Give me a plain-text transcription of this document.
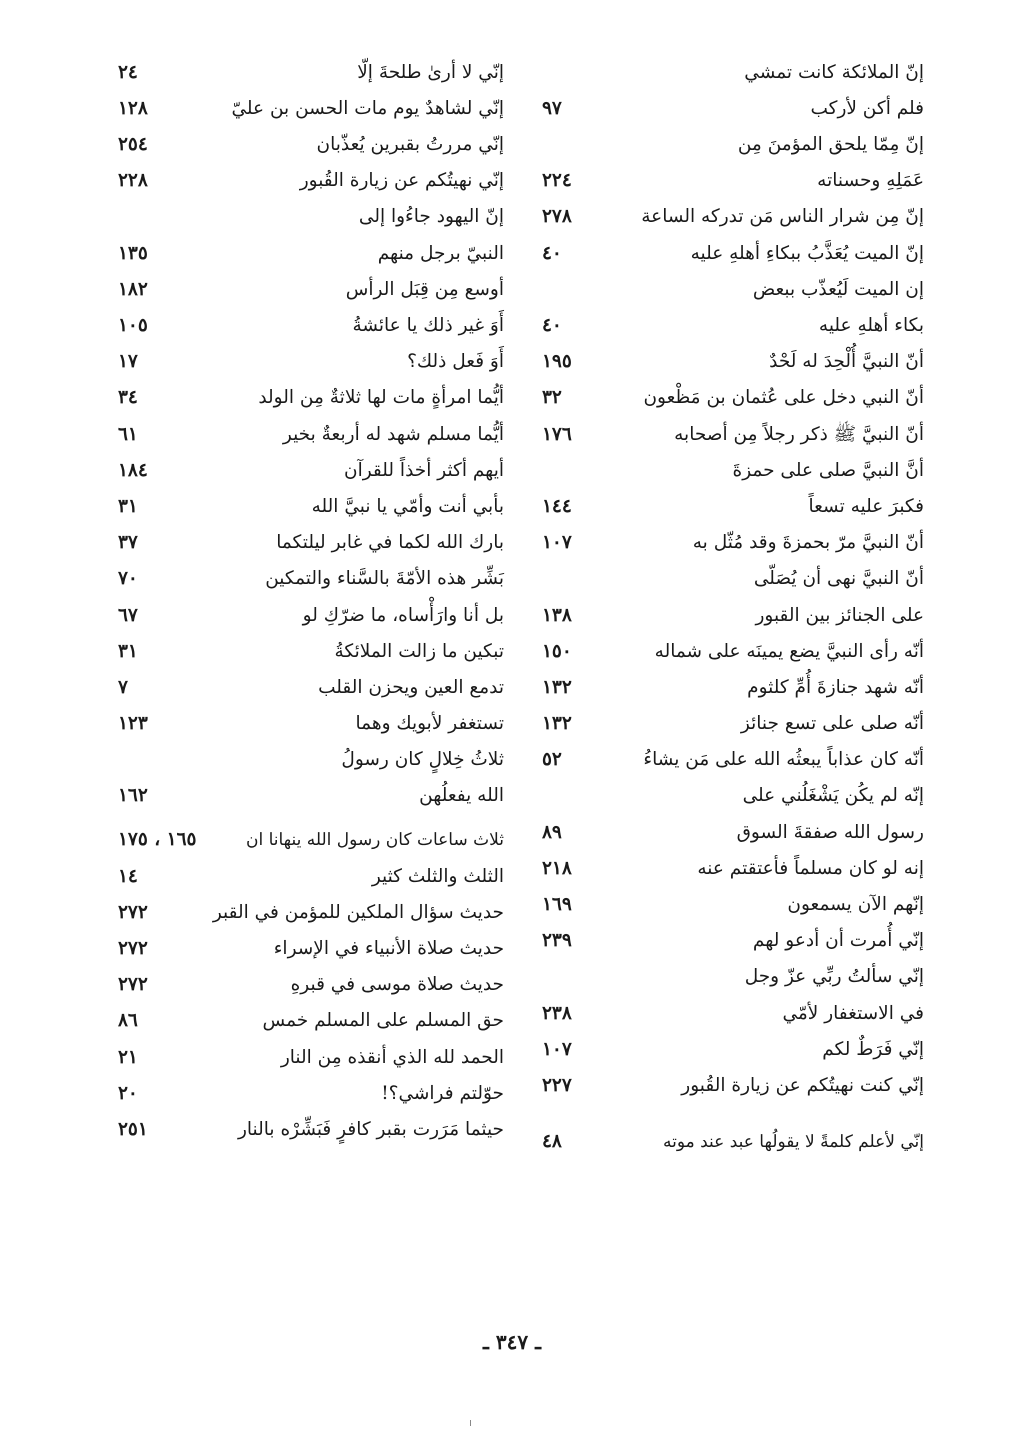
إنّ الملائكة كانت تمشي
فلم أكن لأركب
٩٧
إنّ مِمّا يلحق المؤمنَ مِن
عَمَلِهِ وحسناته
٢٢٤
إنّ مِن شرار الناس مَن تدركه الساعة
٢٧٨
إنّ الميت يُعَذَّبُ ببكاءِ أهلهِ عليه
٤٠
إن الميت لَيُعذّب ببعض
بكاء أهلهِ عليه
٤٠
أنّ النبيَّ أُلْحِدَ له لَحْدٌ
١٩٥
أنّ النبي دخل على عُثمان بن مَظْعون
٣٢
أنّ النبيَّ ﷺ ذكر رجلاً مِن أصحابه
١٧٦
أنَّ النبيَّ صلى على حمزةَ
فكبرَ عليه تسعاً
١٤٤
أنّ النبيَّ مرّ بحمزةَ وقد مُثّل به
١٠٧
أنّ النبيَّ نهى أن يُصَلّى
على الجنائز بين القبور
١٣٨
أنّه رأى النبيَّ يضع يمينَه على شماله
١٥٠
أنّه شهد جنازةَ أُمِّ كلثوم
١٣٢
أنّه صلى على تسع جنائز
١٣٢
أنّه كان عذاباً يبعثُه الله على مَن يشاءُ
٥٢
إنّه لم يكُن يَشْغَلُني على
رسول الله صفقةَ السوق
٨٩
إنه لو كان مسلماً فأعتقتم عنه
٢١٨
إنّهم الآن يسمعون
١٦٩
إنّي أُمرت أن أدعو لهم
٢٣٩
إنّي سألتُ ربِّي عزّ وجل
في الاستغفار لأمّي
٢٣٨
إنّي فَرَطٌ لكم
١٠٧
إنّي كنت نهيتُكم عن زيارة القُبور
٢٢٧
إنّي لأعلم كلمةً لا يقولُها عبد عند موته
٤٨
إنّي لا أرىٰ طلحةَ إلّا
٢٤
إنّي لشاهدٌ يوم مات الحسن بن عليّ
١٢٨
إنّي مررتُ بقبرين يُعذّبان
٢٥٤
إنّي نهيتُكم عن زيارة القُبور
٢٢٨
إنّ اليهود جاءُوا إلى
النبيّ برجل منهم
١٣٥
أوسع مِن قِبَل الرأس
١٨٢
أَوَ غير ذلك يا عائشةُ
١٠٥
أَوَ فَعل ذلك؟
١٧
أيُّما امرأةٍ مات لها ثلاثةٌ مِن الولد
٣٤
أيُّما مسلم شهد له أربعةٌ بخير
٦١
أيهم أكثر أخذاً للقرآن
١٨٤
بأبي أنت وأمّي يا نبيَّ الله
٣١
بارك الله لكما في غابر ليلتكما
٣٧
بَشِّر هذه الأمّةَ بالسَّناء والتمكين
٧٠
بل أنا وارَأْساه، ما ضرّكِ لو
٦٧
تبكين ما زالت الملائكةُ
٣١
تدمع العين ويحزن القلب
٧
تستغفر لأبويك وهما
١٢٣
ثلاثُ خِلالٍ كان رسولُ
الله يفعلُهن
١٦٢
ثلاث ساعات كان رسول الله ينهانا ان
١٦٥ ، ١٧٥
الثلث والثلث كثير
١٤
حديث سؤال الملكين للمؤمن في القبر
٢٧٢
حديث صلاة الأنبياء في الإسراء
٢٧٢
حديث صلاة موسى في قبرهِ
٢٧٢
حق المسلم على المسلم خمس
٨٦
الحمد لله الذي أنقذه مِن النار
٢١
حوّلتم فراشي؟!
٢٠
حيثما مَرَرت بقبر كافرٍ فَبَشِّرْه بالنار
٢٥١
ـ ٣٤٧ ـ
